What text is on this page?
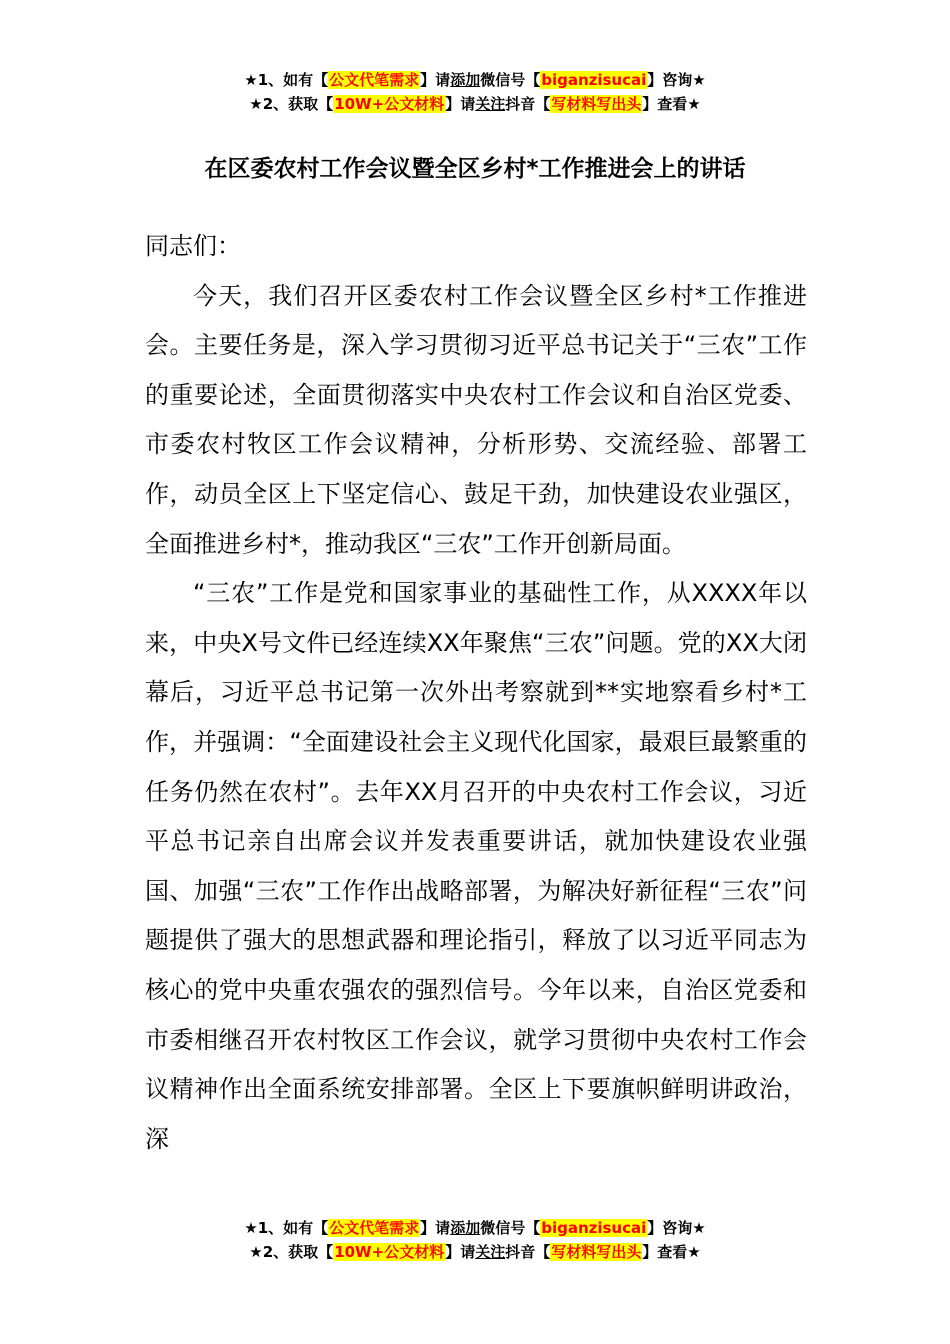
★1、如有【公文代笔需求】请添加微信号【biganzisucai】咨询★
★2、获取【10W+公文材料】请关注抖音【写材料写出头】查看★
在区委农村工作会议暨全区乡村*工作推进会上的讲话

同志们：

今天，我们召开区委农村工作会议暨全区乡村*工作推进会。主要任务是，深入学习贯彻习近平总书记关于“三农”工作的重要论述，全面贯彻落实中央农村工作会议和自治区党委、市委农村牧区工作会议精神，分析形势、交流经验、部署工作，动员全区上下坚定信心、鼓足干劲，加快建设农业强区，全面推进乡村*，推动我区“三农”工作开创新局面。

“三农”工作是党和国家事业的基础性工作，从XXXX年以来，中央X号文件已经连续XX年聚焦“三农”问题。党的XX大闭幕后，习近平总书记第一次外出考察就到**实地察看乡村*工作，并强调：“全面建设社会主义现代化国家，最艰巨最繁重的任务仍然在农村”。去年XX月召开的中央农村工作会议，习近平总书记亲自出席会议并发表重要讲话，就加快建设农业强国、加强“三农”工作作出战略部署，为解决好新征程“三农”问题提供了强大的思想武器和理论指引，释放了以习近平同志为核心的党中央重农强农的强烈信号。今年以来，自治区党委和市委相继召开农村牧区工作会议，就学习贯彻中央农村工作会议精神作出全面系统安排部署。全区上下要旗帜鲜明讲政治，深

★1、如有【公文代笔需求】请添加微信号【biganzisucai】咨询★
★2、获取【10W+公文材料】请关注抖音【写材料写出头】查看★
